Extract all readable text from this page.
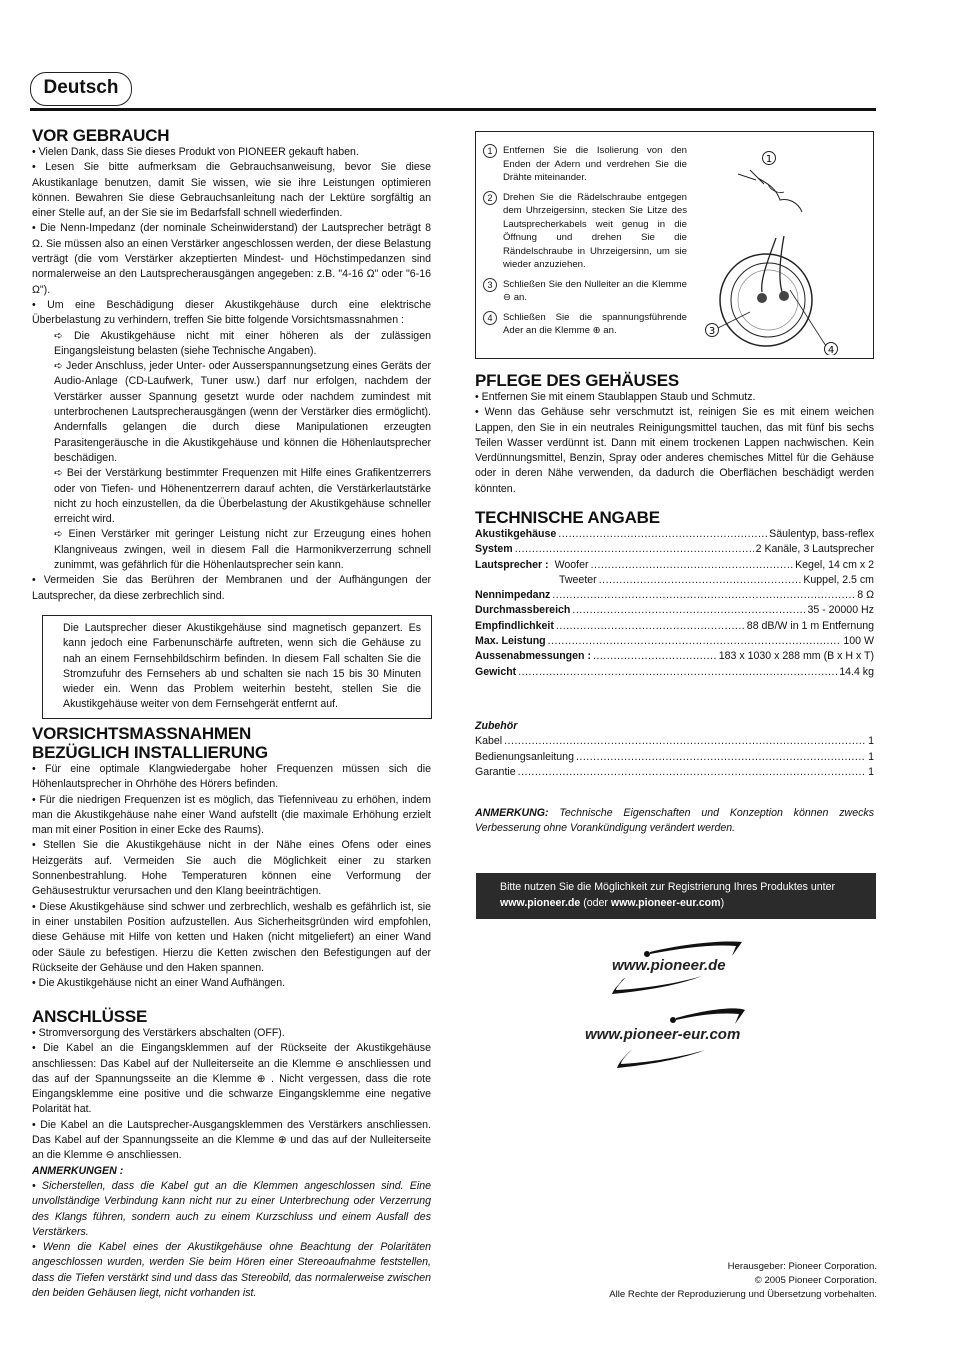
Deutsch
VOR GEBRAUCH

• Vielen Dank, dass Sie dieses Produkt von PIONEER gekauft haben.

• Lesen Sie bitte aufmerksam die Gebrauchsanweisung, bevor Sie diese Akustikanlage benutzen, damit Sie wissen, wie sie ihre Leistungen optimieren können. Bewahren Sie diese Gebrauchsanleitung nach der Lektüre sorgfältig an einer Stelle auf, an der Sie sie im Bedarfsfall schnell wiederfinden.

• Die Nenn-Impedanz (der nominale Scheinwiderstand) der Lautsprecher beträgt 8 Ω. Sie müssen also an einen Verstärker angeschlossen werden, der diese Belastung verträgt (die vom Verstärker akzeptierten Mindest- und Höchstimpedanzen sind normalerweise an den Lautsprecherausgängen angegeben: z.B. "4-16 Ω" oder "6-16 Ω").

• Um eine Beschädigung dieser Akustikgehäuse durch eine elektrische Überbelastung zu verhindern, treffen Sie bitte folgende Vorsichtsmassnahmen :

➪ Die Akustikgehäuse nicht mit einer höheren als der zulässigen Eingangsleistung belasten (siehe Technische Angaben).

➪ Jeder Anschluss, jeder Unter- oder Ausserspannungsetzung eines Geräts der Audio-Anlage (CD-Laufwerk, Tuner usw.) darf nur erfolgen, nachdem der Verstärker ausser Spannung gesetzt wurde oder nachdem zumindest mit unterbrochenen Lautsprecherausgängen (wenn der Verstärker dies ermöglicht). Andernfalls gelangen die durch diese Manipulationen erzeugten Parasitengeräusche in die Akustikgehäuse und können die Höhenlautsprecher beschädigen.

➪ Bei der Verstärkung bestimmter Frequenzen mit Hilfe eines Grafikentzerrers oder von Tiefen- und Höhenentzerrern darauf achten, die Verstärkerlautstärke nicht zu hoch einzustellen, da die Überbelastung der Akustikgehäuse schneller erreicht wird.

➪ Einen Verstärker mit geringer Leistung nicht zur Erzeugung eines hohen Klangniveaus zwingen, weil in diesem Fall die Harmonikverzerrung schnell zunimmt, was gefährlich für die Höhenlautsprecher sein kann.

• Vermeiden Sie das Berühren der Membranen und der Aufhängungen der Lautsprecher, da diese zerbrechlich sind.

Die Lautsprecher dieser Akustikgehäuse sind magnetisch gepanzert. Es kann jedoch eine Farbenunschärfe auftreten, wenn sich die Gehäuse zu nah an einem Fernsehbildschirm befinden. In diesem Fall schalten Sie die Stromzufuhr des Fernsehers ab und schalten sie nach 15 bis 30 Minuten wieder ein. Wenn das Problem weiterhin besteht, stellen Sie die Akustikgehäuse weiter von dem Fernsehgerät entfernt auf.

VORSICHTSMASSNAHMEN
BEZÜGLICH INSTALLIERUNG

• Für eine optimale Klangwiedergabe hoher Frequenzen müssen sich die Höhenlautsprecher in Ohrhöhe des Hörers befinden.

• Für die niedrigen Frequenzen ist es möglich, das Tiefenniveau zu erhöhen, indem man die Akustikgehäuse nahe einer Wand aufstellt (die maximale Erhöhung erzielt man mit einer Position in einer Ecke des Raums).

• Stellen Sie die Akustikgehäuse nicht in der Nähe eines Ofens oder eines Heizgeräts auf. Vermeiden Sie auch die Möglichkeit einer zu starken Sonnenbestrahlung. Hohe Temperaturen können eine Verformung der Gehäusestruktur verursachen und den Klang beeinträchtigen.

• Diese Akustikgehäuse sind schwer und zerbrechlich, weshalb es gefährlich ist, sie in einer unstabilen Position aufzustellen. Aus Sicherheitsgründen wird empfohlen, diese Gehäuse mit Hilfe von ketten und Haken (nicht mitgeliefert) an einer Wand oder Säule zu befestigen. Hierzu die Ketten zwischen den Befestigungen auf der Rückseite der Gehäuse und den Haken spannen.

• Die Akustikgehäuse nicht an einer Wand Aufhängen.

ANSCHLÜSSE

• Stromversorgung des Verstärkers abschalten (OFF).

• Die Kabel an die Eingangsklemmen auf der Rückseite der Akustikgehäuse anschliessen: Das Kabel auf der Nulleiterseite an die Klemme ⊖ anschliessen und das auf der Spannungsseite an die Klemme ⊕ . Nicht vergessen, dass die rote Eingangsklemme eine positive und die schwarze Eingangsklemme eine negative Polarität hat.

• Die Kabel an die Lautsprecher-Ausgangsklemmen des Verstärkers anschliessen. Das Kabel auf der Spannungsseite an die Klemme ⊕ und das auf der Nulleiterseite an die Klemme ⊖ anschliessen.

ANMERKUNGEN :

• Sicherstellen, dass die Kabel gut an die Klemmen angeschlossen sind. Eine unvollständige Verbindung kann nicht nur zu einer Unterbrechung oder Verzerrung des Klangs führen, sondern auch zu einem Kurzschluss und einem Ausfall des Verstärkers.

• Wenn die Kabel eines der Akustikgehäuse ohne Beachtung der Polaritäten angeschlossen wurden, werden Sie beim Hören einer Stereoaufnahme feststellen, dass die Tiefen verstärkt sind und dass das Stereobild, das normalerweise zwischen den beiden Gehäusen liegt, nicht vorhanden ist.

1	Entfernen Sie die Isolierung von den Enden der Adern und verdrehen Sie die Drähte miteinander.
2	Drehen Sie die Rädelschraube entgegen dem Uhrzeigersinn, stecken Sie Litze des Lautsprecherkabels weit genug in die Öffnung und drehen Sie die Rändelschraube in Uhrzeigersinn, um sie wieder anzuziehen.
3	Schließen Sie den Nulleiter an die Klemme ⊖ an.
4	Schließen Sie die spannungsführende Ader an die Klemme ⊕ an.
1
3
4
PFLEGE DES GEHÄUSES

• Entfernen Sie mit einem Staublappen Staub und Schmutz.

• Wenn das Gehäuse sehr verschmutzt ist, reinigen Sie es mit einem weichen Lappen, den Sie in ein neutrales Reinigungsmittel tauchen, das mit fünf bis sechs Teilen Wasser verdünnt ist. Dann mit einem trockenen Lappen nachwischen. Kein Verdünnungsmittel, Benzin, Spray oder anderes chemisches Mittel für die Gehäuse oder in deren Nähe verwenden, da dadurch die Oberflächen beschädigt werden könnten.

TECHNISCHE ANGABE
Akustikgehäuse .....	Säulentyp, bass-reflex
System .....	2 Kanäle, 3 Lautsprecher
Lautsprecher : Woofer .....	Kegel, 14 cm x 2
Tweeter .....	Kuppel, 2.5 cm
Nennimpedanz .....	8 Ω
Durchmassbereich .....	35 - 20000 Hz
Empfindlichkeit .....	88 dB/W in 1 m Entfernung
Max. Leistung .....	100 W
Aussenabmessungen : .....	183 x 1030 x 288 mm (B x H x T)
Gewicht .....	14.4 kg
Zubehör
Kabel .....	1
Bedienungsanleitung .....	1
Garantie .....	1
ANMERKUNG: Technische Eigenschaften und Konzeption können zwecks Verbesserung ohne Vorankündigung verändert werden.
Bitte nutzen Sie die Möglichkeit zur Registrierung Ihres Produktes unter
www.pioneer.de (oder www.pioneer-eur.com)
www.pioneer.de
www.pioneer-eur.com
Herausgeber: Pioneer Corporation.
© 2005 Pioneer Corporation.
Alle Rechte der Reproduzierung und Übersetzung vorbehalten.
